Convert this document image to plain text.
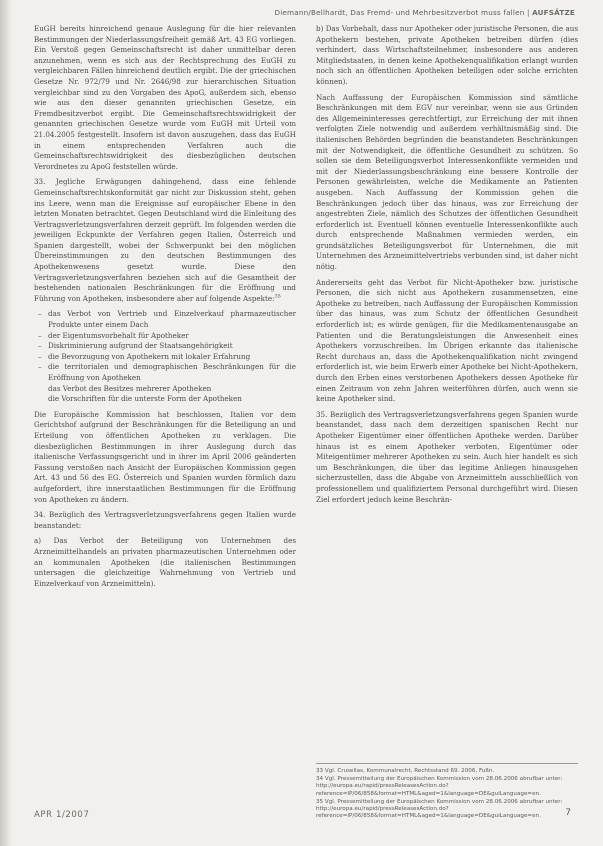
Diemann/Bellhardt, Das Fremd- und Mehrbesitzverbot muss fallen | AUFSÄTZE

EuGH bereits hinreichend genaue Auslegung für die hier relevanten Bestimmungen der Niederlassungsfreiheit gemäß Art. 43 EG vorliegen. Ein Verstoß gegen Gemeinschaftsrecht ist daher unmittelbar deren anzunehmen, wenn es sich aus der Rechtsprechung des EuGH zu vergleichbaren Fällen hinreichend deutlich ergibt. Die der griechischen Gesetze Nr. 972/79 und Nr. 2646/98 zur hierarchischen Situation vergleichbar sind zu den Vorgaben des ApoG, außerdem sich, ebenso wie aus den dieser genannten griechischen Gesetze, ein Fremdbesitzverbot ergibt. Die Gemeinschaftsrechtswidrigkeit der genannten griechischen Gesetze wurde vom EuGH mit Urteil vom 21.04.2005 festgestellt. Insofern ist davon auszugehen, dass das EuGH in einem entsprechenden Verfahren auch die Gemeinschaftsrechtswidrigkeit des diesbezüglichen deutschen Verordnetes zu ApoG feststellen würde.

33. Jegliche Erwägungen dahingehend, dass eine fehlende Gemeinschaftsrechtskonformität gar nicht zur Diskussion steht, gehen ins Leere, wenn man die Ereignisse auf europäischer Ebene in den letzten Monaten betrachtet. Gegen Deutschland wird die Einleitung des Vertragsverletzungsverfahren derzeit geprüft. Im folgenden werden die jeweiligen Eckpunkte der Verfahren gegen Italien, Österreich und Spanien dargestellt, wobei der Schwerpunkt bei den möglichen Übereinstimmungen zu den deutschen Bestimmungen des Apothekenwesens gesetzt wurde. Diese den Vertragsverletzungsverfahren beziehen sich auf die Gesamtheit der bestehenden nationalen Beschränkungen für die Eröffnung und Führung von Apotheken, insbesondere aber auf folgende Aspekte:$^{35}$

– das Verbot von Vertrieb und Einzelverkauf pharmazeutischer Produkte unter einem Dach
– der Eigentumsvorbehalt für Apotheker
– Diskriminierung aufgrund der Staatsangehörigkeit
– die Bevorzugung von Apothekern mit lokaler Erfahrung
– die territorialen und demographischen Beschränkungen für die Eröffnung von Apotheken
das Verbot des Besitzes mehrerer Apotheken
die Vorschriften für die unterste Form der Apotheken

Die Europäische Kommission hat beschlossen, Italien vor dem Gerichtshof aufgrund der Beschränkungen für die Beteiligung an und Erteilung von öffentlichen Apotheken zu verklagen. Die diesbezüglichen Bestimmungen in ihrer Auslegung durch das italienische Verfassungsgericht und in ihrer im April 2006 geänderten Fassung verstoßen nach Ansicht der Europäischen Kommission gegen Art. 43 und 56 des EG. Österreich und Spanien wurden förmlich dazu aufgefordert, ihre innerstaatlichen Bestimmungen für die Eröffnung von Apotheken zu ändern.

34. Bezüglich des Vertragsverletzungsverfahrens gegen Italien wurde beanstandet:

a) Das Verbot der Beteiligung von Unternehmen des Arzneimittelhandels an privaten pharmazeutischen Unternehmen oder an kommunalen Apotheken (die italienischen Bestimmungen untersagen die gleichzeitige Wahrnehmung von Vertrieb und Einzelverkauf von Arzneimitteln).

b) Das Vorbehalt, dass nur Apotheker oder juristische Personen, die aus Apothekern bestehen, private Apotheken betreiben dürfen (dies verhindert, dass Wirtschaftsteilnehmer, insbesondere aus anderen Mitgliedstaaten, in denen keine Apothekenqualifikation erlangt wurden noch sich an öffentlichen Apotheken beteiligen oder solche errichten können).

Nach Auffassung der Europäischen Kommission sind sämtliche Beschränkungen mit dem EGV nur vereinbar, wenn sie aus Gründen des Allgemeininteresses gerechtfertigt, zur Erreichung der mit ihnen verfolgten Ziele notwendig und außerdem verhältnismäßig sind. Die italienischen Behörden begründen die beanstandeten Beschränkungen mit der Notwendigkeit, die öffentliche Gesundheit zu schützen. So sollen sie dem Beteiligungsverbot Interessenkonflikte vermeiden und mit der Niederlassungsbeschränkung eine bessere Kontrolle der Personen gewährleisten, welche die Medikamente an Patienten ausgeben. Nach Auffassung der Kommission gehen die Beschränkungen jedoch über das hinaus, was zur Erreichung der angestrebten Ziele, nämlich des Schutzes der öffentlichen Gesundheit erforderlich ist. Eventuell können eventuelle Interessenkonflikte auch durch entsprechende Maßnahmen vermieden werden, ein grundsätzliches Beteiligungsverbot für Unternehmen, die mit Unternehmen des Arzneimittelvertriebs verbunden sind, ist daher nicht nötig.

Andererseits geht das Verbot für Nicht-Apotheker bzw. juristische Personen, die sich nicht aus Apothekern zusammensetzen, eine Apotheke zu betreiben, nach Auffassung der Europäischen Kommission über das hinaus, was zum Schutz der öffentlichen Gesundheit erforderlich ist; es würde genügen, für die Medikamentenausgabe an Patienten und die Beratungsleistungen die Anwesenheit eines Apothekers vorzuschreiben. Im Übrigen erkannte das italienische Recht durchaus an, dass die Apothekenqualifikation nicht zwingend erforderlich ist, wie beim Erwerb einer Apotheke bei Nicht-Apothekern, durch den Erben eines verstorbenen Apothekers dessen Apotheke für einen Zeitraum von zehn Jahren weiterführen dürfen, auch wenn sie keine Apotheker sind.

35. Bezüglich des Vertragsverletzungsverfahrens gegen Spanien wurde beanstandet, dass nach dem derzeitigen spanischen Recht nur Apotheker Eigentümer einer öffentlichen Apotheke werden. Darüber hinaus ist es einem Apotheker verboten, Eigentümer oder Miteigentümer mehrerer Apotheken zu sein. Auch hier handelt es sich um Beschränkungen, die über das legitime Anliegen hinausgehen sicherzustellen, dass die Abgabe von Arzneimitteln ausschließlich von professionellem und qualifiziertem Personal durchgeführt wird. Diesen Ziel erfordert jedoch keine Beschrän-

33 Vgl. Crusellas, Kommunalrecht, Rechtsstand 69. 2006, Fußn.
34 Vgl. Pressemitteilung der Europäischen Kommission vom 28.06.2006 abrufbar unter: http://europa.eu/rapid/pressReleasesAction.do?reference=IP/06/858&format=HTML&aged=1&language=DE&guiLanguage=en.
35 Vgl. Pressemitteilung der Europäischen Kommission vom 28.06.2006 abrufbar unter: http://europa.eu/rapid/pressReleasesAction.do?reference=IP/06/858&format=HTML&aged=1&language=DE&guiLanguage=en.
APR 1/2007	7
